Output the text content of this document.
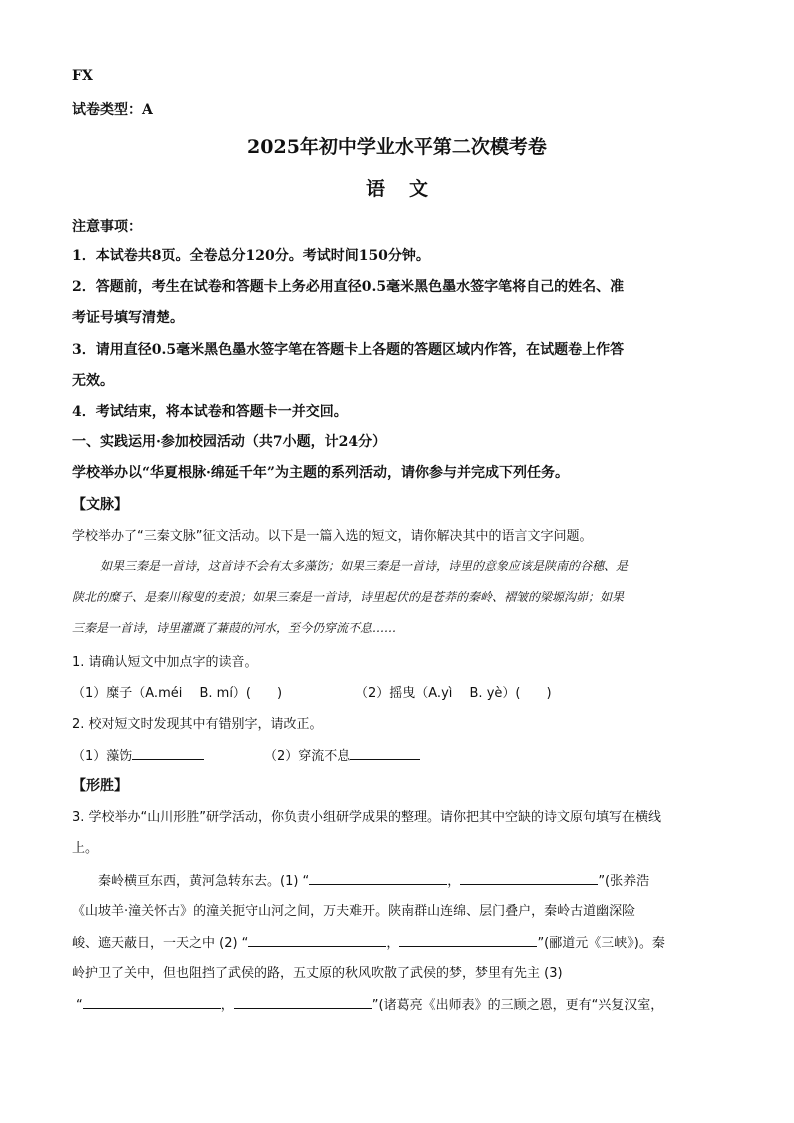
FX
试卷类型：A
2025年初中学业水平第二次模考卷
语文
注意事项：
1．本试卷共8页。全卷总分120分。考试时间150分钟。
2．答题前，考生在试卷和答题卡上务必用直径0.5毫米黑色墨水签字笔将自己的姓名、准
考证号填写清楚。
3．请用直径0.5毫米黑色墨水签字笔在答题卡上各题的答题区域内作答，在试题卷上作答
无效。
4．考试结束，将本试卷和答题卡一并交回。
一、实践运用·参加校园活动（共7小题，计24分）
学校举办以“华夏根脉·绵延千年”为主题的系列活动，请你参与并完成下列任务。
【文脉】
学校举办了“三秦文脉”征文活动。以下是一篇入选的短文，请你解决其中的语言文字问题。
如果三秦是一首诗，这首诗不会有太多藻饬；如果三秦是一首诗，诗里的意象应该是陕南的谷穗、是
陕北的糜子、是秦川稼叟的麦浪；如果三秦是一首诗，诗里起伏的是苍莽的秦岭、褶皱的梁塬沟峁；如果
三秦是一首诗，诗里灌溉了蒹葭的河水，至今仍穿流不息……
1. 请确认短文中加点字的读音。
（1）糜子（A.méi　 B. mí）(　　)	（2）摇曳（A.yì　 B. yè）(　　)
2. 校对短文时发现其中有错别字，请改正。
（1）藻饬	（2）穿流不息
【形胜】
3. 学校举办“山川形胜”研学活动，你负责小组研学成果的整理。请你把其中空缺的诗文原句填写在横线
上。
秦岭横亘东西，黄河急转东去。(1) “	，	”(张养浩
《山坡羊·潼关怀古》的潼关扼守山河之间，万夫难开。陕南群山连绵、层门叠户，秦岭古道幽深险
峻、遮天蔽日，一天之中 (2) “	，	”(郦道元《三峡》)。秦
岭护卫了关中，但也阻挡了武侯的路，五丈原的秋风吹散了武侯的梦，梦里有先主 (3)
“	，	”(诸葛亮《出师表》的三顾之恩，更有“兴复汉室，
